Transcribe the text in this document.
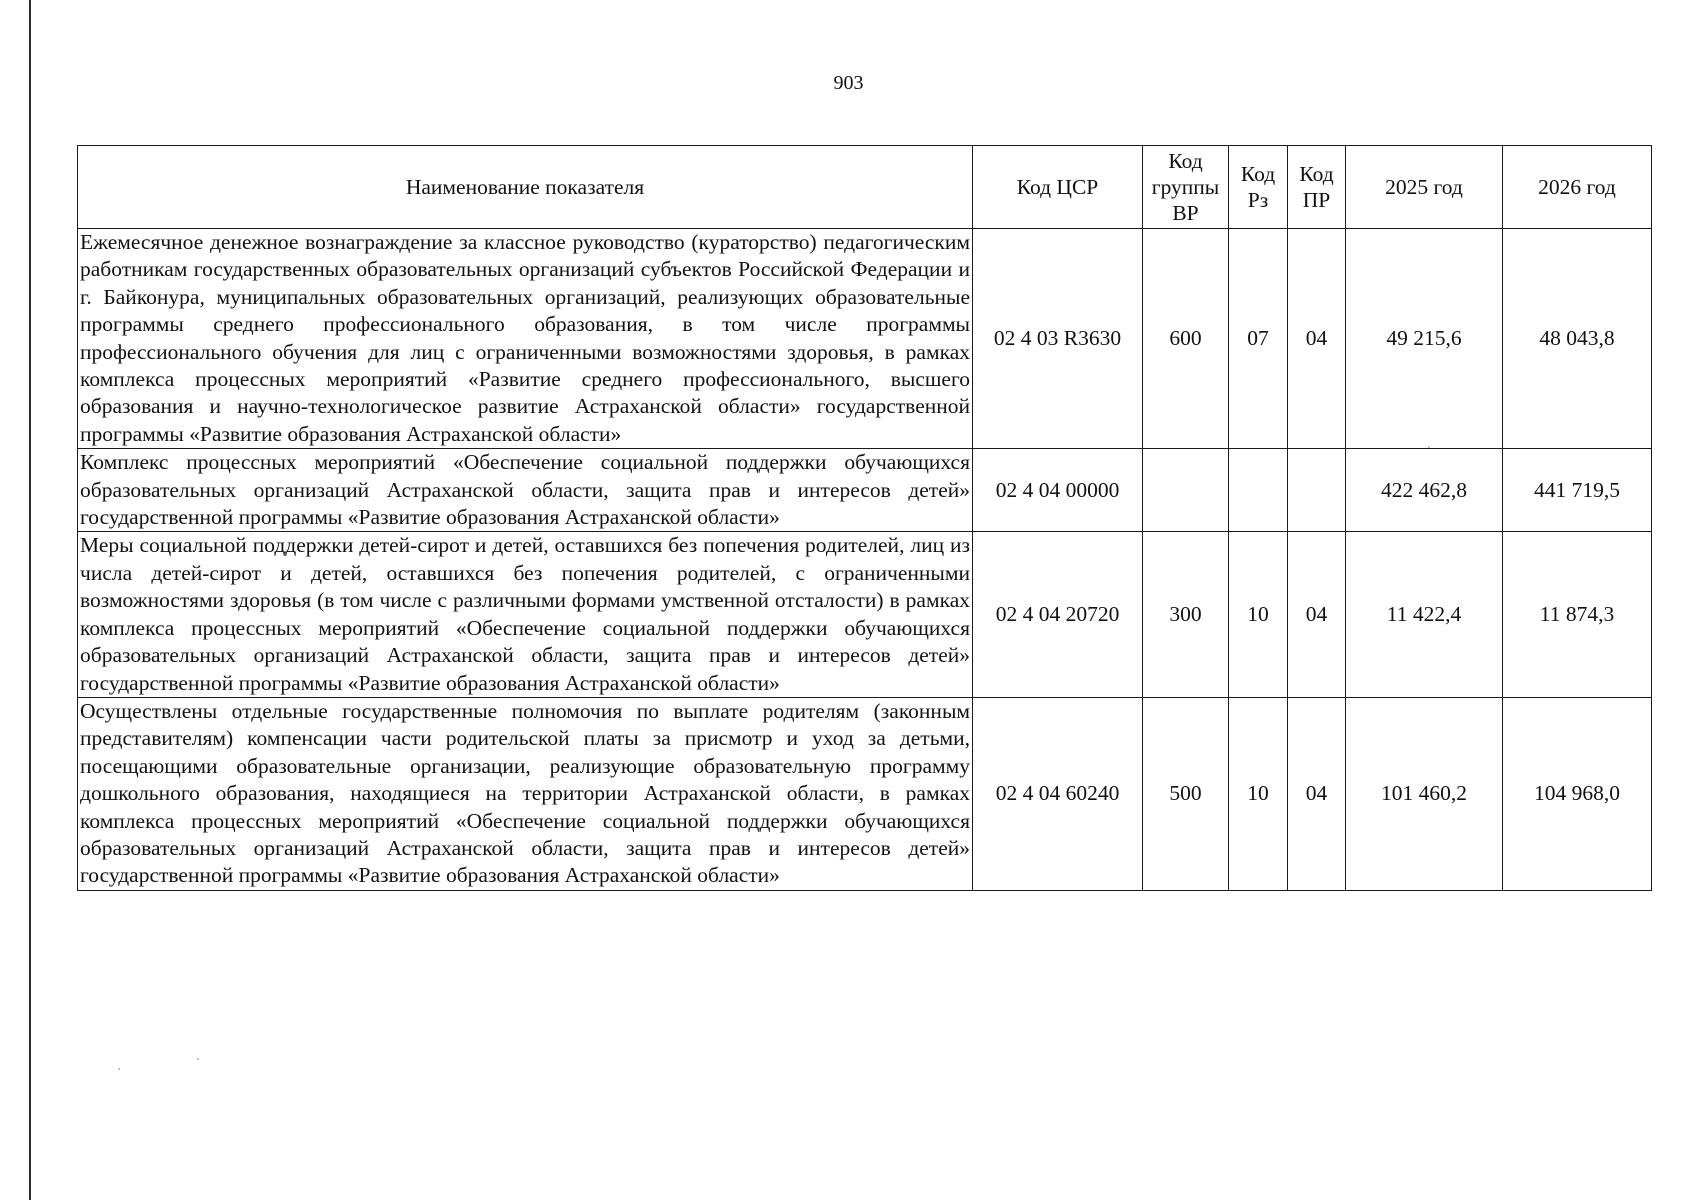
903
Наименование показателя	Код ЦСР	Код группы ВР	Код Рз	Код ПР	2025 год	2026 год
Ежемесячное денежное вознаграждение за классное руководство (кураторство) педагогическим работникам государственных образовательных организаций субъектов Российской Федерации и г. Байконура, муниципальных образовательных организаций, реализующих образовательные программы среднего профессионального образования, в том числе программы профессионального обучения для лиц с ограниченными возможностями здоровья, в рамках комплекса процессных мероприятий «Развитие среднего профессионального, высшего образования и научно-технологическое развитие Астраханской области» государственной программы «Развитие образования Астраханской области»	02 4 03 R3630	600	07	04	49 215,6	48 043,8
Комплекс процессных мероприятий «Обеспечение социальной поддержки обучающихся образовательных организаций Астраханской области, защита прав и интересов детей» государственной программы «Развитие образования Астраханской области»	02 4 04 00000				422 462,8	441 719,5
Меры социальной поддержки детей-сирот и детей, оставшихся без попечения родителей, лиц из числа детей-сирот и детей, оставшихся без попечения родителей, с ограниченными возможностями здоровья (в том числе с различными формами умственной отсталости) в рамках комплекса процессных мероприятий «Обеспечение социальной поддержки обучающихся образовательных организаций Астраханской области, защита прав и интересов детей» государственной программы «Развитие образования Астраханской области»	02 4 04 20720	300	10	04	11 422,4	11 874,3
Осуществлены отдельные государственные полномочия по выплате родителям (законным представителям) компенсации части родительской платы за присмотр и уход за детьми, посещающими образовательные организации, реализующие образовательную программу дошкольного образования, находящиеся на территории Астраханской области, в рамках комплекса процессных мероприятий «Обеспечение социальной поддержки обучающихся образовательных организаций Астраханской области, защита прав и интересов детей» государственной программы «Развитие образования Астраханской области»	02 4 04 60240	500	10	04	101 460,2	104 968,0
